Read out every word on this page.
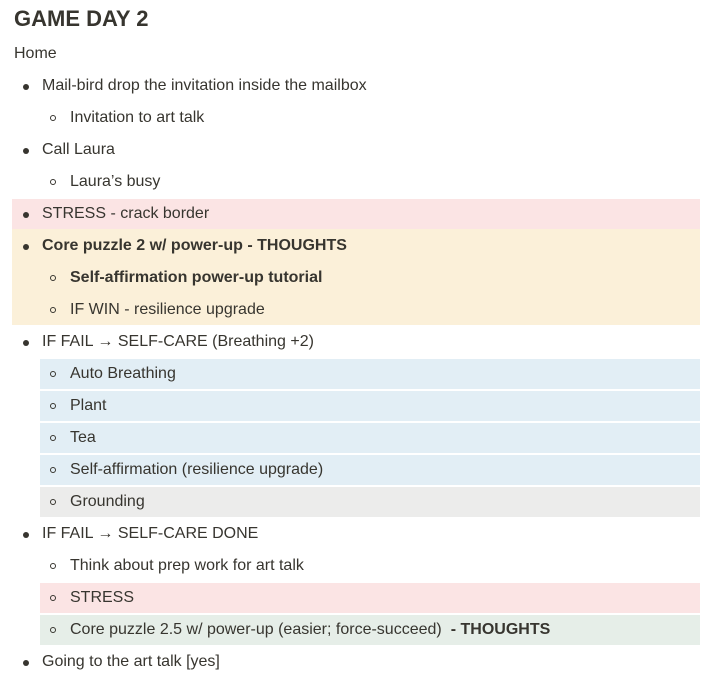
GAME DAY 2
Home
Mail-bird drop the invitation inside the mailbox
Invitation to art talk
Call Laura
Laura’s busy
STRESS - crack border
Core puzzle 2 w/ power-up - THOUGHTS
Self-affirmation power-up tutorial
IF WIN - resilience upgrade
IF FAIL → SELF-CARE (Breathing +2)
Auto Breathing
Plant
Tea
Self-affirmation (resilience upgrade)
Grounding
IF FAIL → SELF-CARE DONE
Think about prep work for art talk
STRESS
Core puzzle 2.5 w/ power-up (easier; force-succeed) - THOUGHTS
Going to the art talk [yes]
